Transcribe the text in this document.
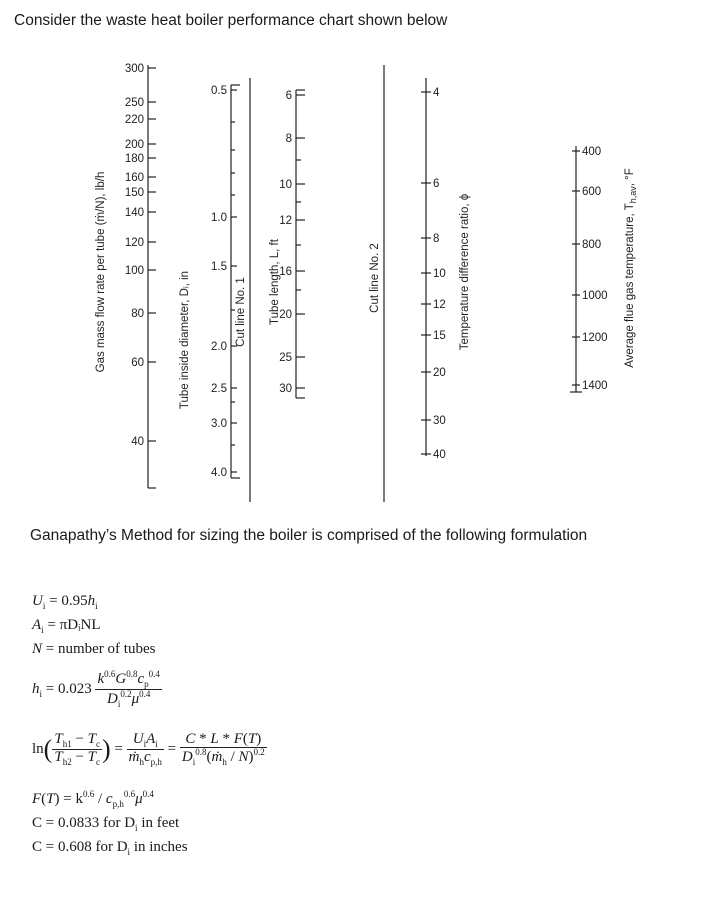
Consider the waste heat boiler performance chart shown below
300
250
220
200
180
160
150
140
120
100
80
60
40
Gas mass flow rate per tube (ṁ/N), lb/h
0.5
1.0
1.5
2.0
2.5
3.0
4.0
Tube inside diameter, Dᵢ, in	Cut line No. 1
6
8
10
12
16
20
25
30
Tube length, L, ft	Cut line No. 2
4
6
8
10
12
15
20
30
40
Temperature difference ratio, ϕ
400
600
800
1000
1200
1400
Average flue gas temperature, $T_{h,av}$, °F
Ganapathy’s Method for sizing the boiler is comprised of the following formulation
$U_i = 0.95h_i$
$A_i$ = πDᵢNL
N = number of tubes
$h_i = 0.023 \frac{k^{0.6}G^{0.8}c_p^{0.4}}{D_i^{0.2}\mu^{0.4}}$
$\ln( \frac{T_{h1} - T_c}{T_{h2} - T_c}$ ) = $\frac{U_iA_i}{ṁ_hc_{p,h}} = \frac{C * L * F(T)}{D_i^{0.8}(ṁ_h / N)^{0.2}}$
$F(T) = k^{0.6} / c_{p,h}^{0.6}\mu^{0.4}$
C = 0.0833 for $D_i$ in feet
C = 0.608 for $D_i$ in inches
